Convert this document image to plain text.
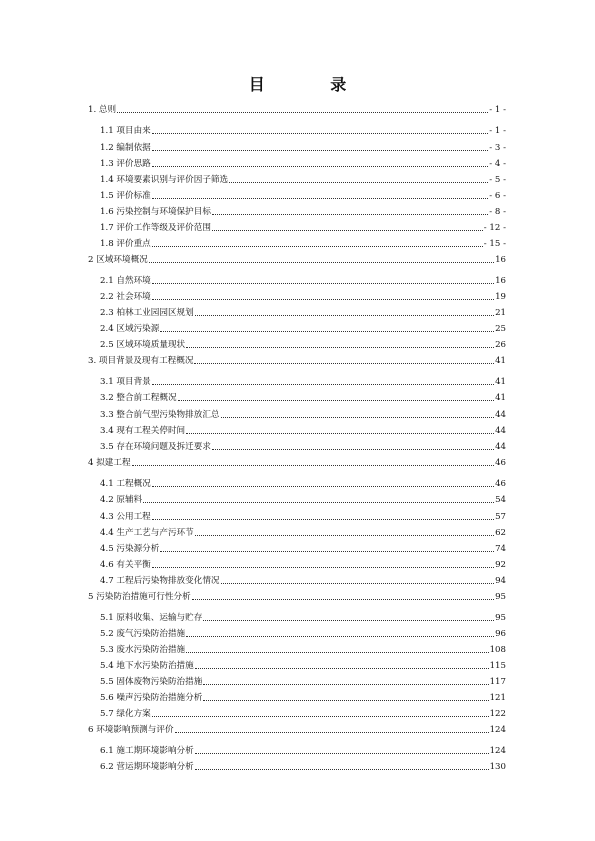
目 录
1. 总则	- 1 -
1.1 项目由来	- 1 -
1.2 编制依据	- 3 -
1.3 评价思路	- 4 -
1.4 环境要素识别与评价因子筛选	- 5 -
1.5 评价标准	- 6 -
1.6 污染控制与环境保护目标	- 8 -
1.7 评价工作等级及评价范围	- 12 -
1.8 评价重点	- 15 -
2 区域环境概况	16
2.1 自然环境	16
2.2 社会环境	19
2.3 柏林工业园园区规划	21
2.4 区域污染源	25
2.5 区域环境质量现状	26
3. 项目背景及现有工程概况	41
3.1 项目背景	41
3.2 整合前工程概况	41
3.3 整合前气型污染物排放汇总	44
3.4 现有工程关停时间	44
3.5 存在环境问题及拆迁要求	44
4 拟建工程	46
4.1 工程概况	46
4.2 原辅料	54
4.3 公用工程	57
4.4 生产工艺与产污环节	62
4.5 污染源分析	74
4.6 有关平衡	92
4.7 工程后污染物排放变化情况	94
5 污染防治措施可行性分析	95
5.1 原料收集、运输与贮存	95
5.2 废气污染防治措施	96
5.3 废水污染防治措施	108
5.4 地下水污染防治措施	115
5.5 固体废物污染防治措施	117
5.6 噪声污染防治措施分析	121
5.7 绿化方案	122
6 环境影响预测与评价	124
6.1 施工期环境影响分析	124
6.2 营运期环境影响分析	130
